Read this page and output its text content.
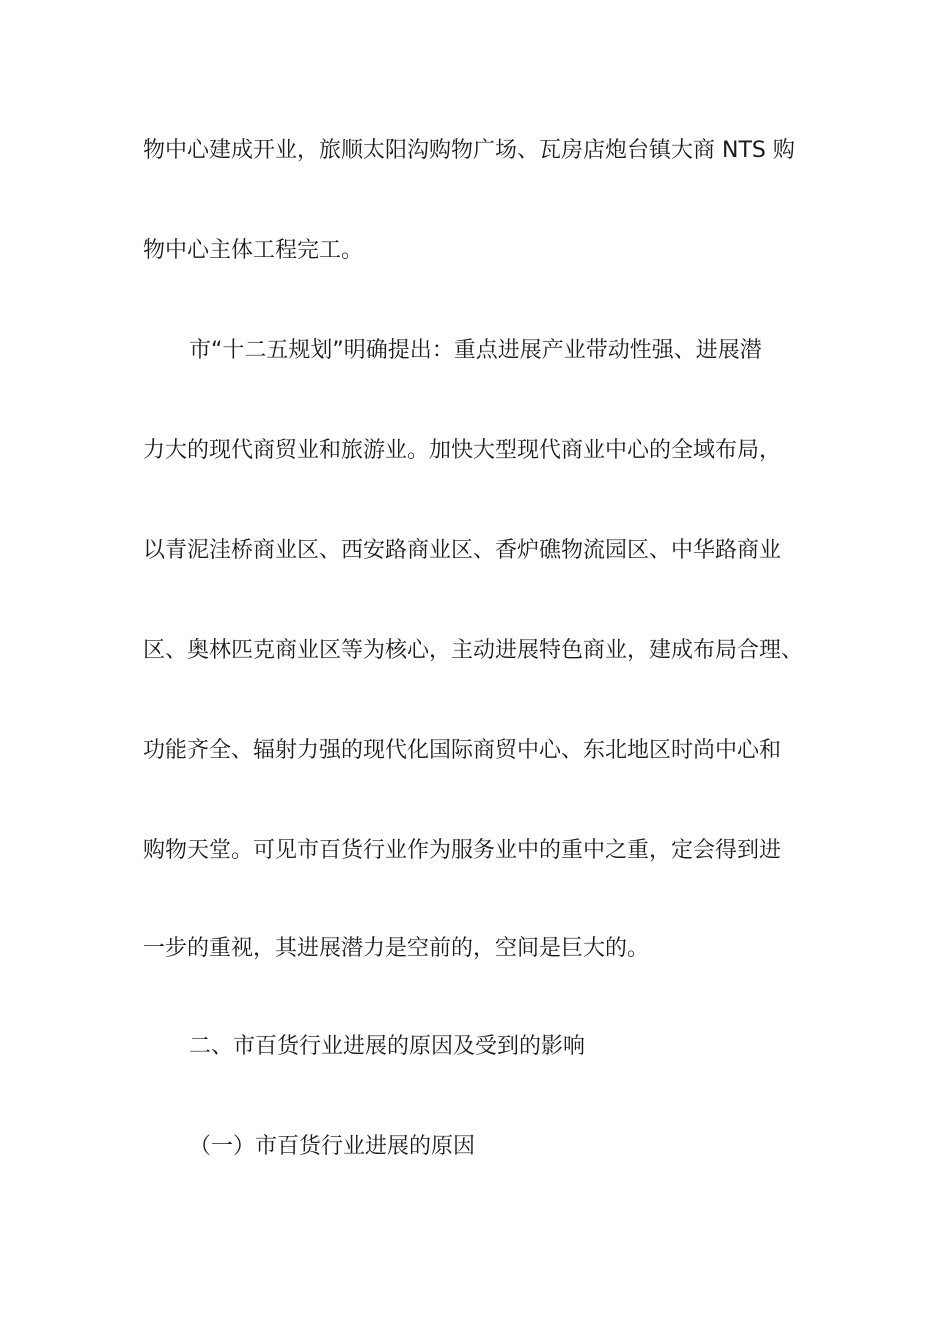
物中心建成开业，旅顺太阳沟购物广场、瓦房店炮台镇大商 NTS 购
物中心主体工程完工。
市“十二五规划”明确提出：重点进展产业带动性强、进展潜
力大的现代商贸业和旅游业。加快大型现代商业中心的全域布局，
以青泥洼桥商业区、西安路商业区、香炉礁物流园区、中华路商业
区、奥林匹克商业区等为核心，主动进展特色商业，建成布局合理、
功能齐全、辐射力强的现代化国际商贸中心、东北地区时尚中心和
购物天堂。可见市百货行业作为服务业中的重中之重，定会得到进
一步的重视，其进展潜力是空前的，空间是巨大的。
二、市百货行业进展的原因及受到的影响
（一）市百货行业进展的原因
